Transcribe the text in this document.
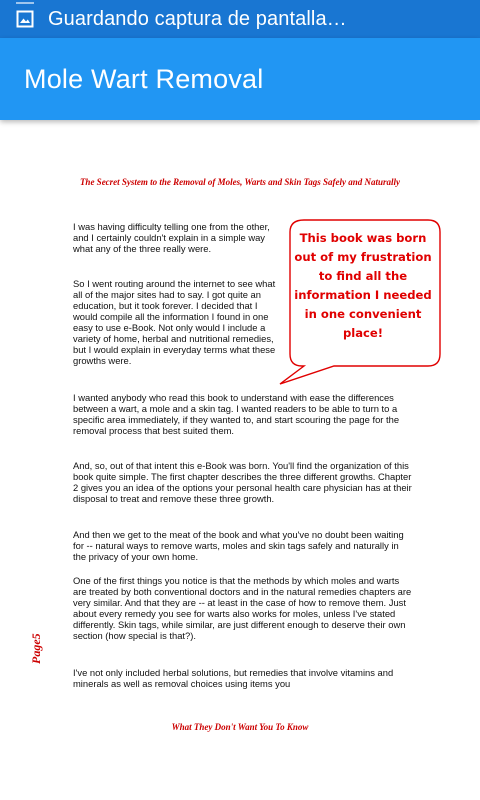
Guardando captura de pantalla…
Mole Wart Removal
The Secret System to the Removal of Moles, Warts and Skin Tags Safely and Naturally

I was having difficulty telling one from the other, and I certainly couldn't explain in a simple way what any of the three really were.

So I went routing around the internet to see what all of the major sites had to say. I got quite an education, but it took forever. I decided that I would compile all the information I found in one easy to use e-Book. Not only would I include a variety of home, herbal and nutritional remedies, but I would explain in everyday terms what these growths were.

This book was born out of my frustration to find all the information I needed in one convenient place!

I wanted anybody who read this book to understand with ease the differences between a wart, a mole and a skin tag. I wanted readers to be able to turn to a specific area immediately, if they wanted to, and start scouring the page for the removal process that best suited them.

And, so, out of that intent this e-Book was born. You'll find the organization of this book quite simple. The first chapter describes the three different growths. Chapter 2 gives you an idea of the options your personal health care physician has at their disposal to treat and remove these three growth.

And then we get to the meat of the book and what you've no doubt been waiting for -- natural ways to remove warts, moles and skin tags safely and naturally in the privacy of your own home.

One of the first things you notice is that the methods by which moles and warts are treated by both conventional doctors and in the natural remedies chapters are very similar. And that they are -- at least in the case of how to remove them. Just about every remedy you see for warts also works for moles, unless I've stated differently. Skin tags, while similar, are just different enough to deserve their own section (how special is that?).

I've not only included herbal solutions, but remedies that involve vitamins and minerals as well as removal choices using items you

Page5
What They Don't Want You To Know
